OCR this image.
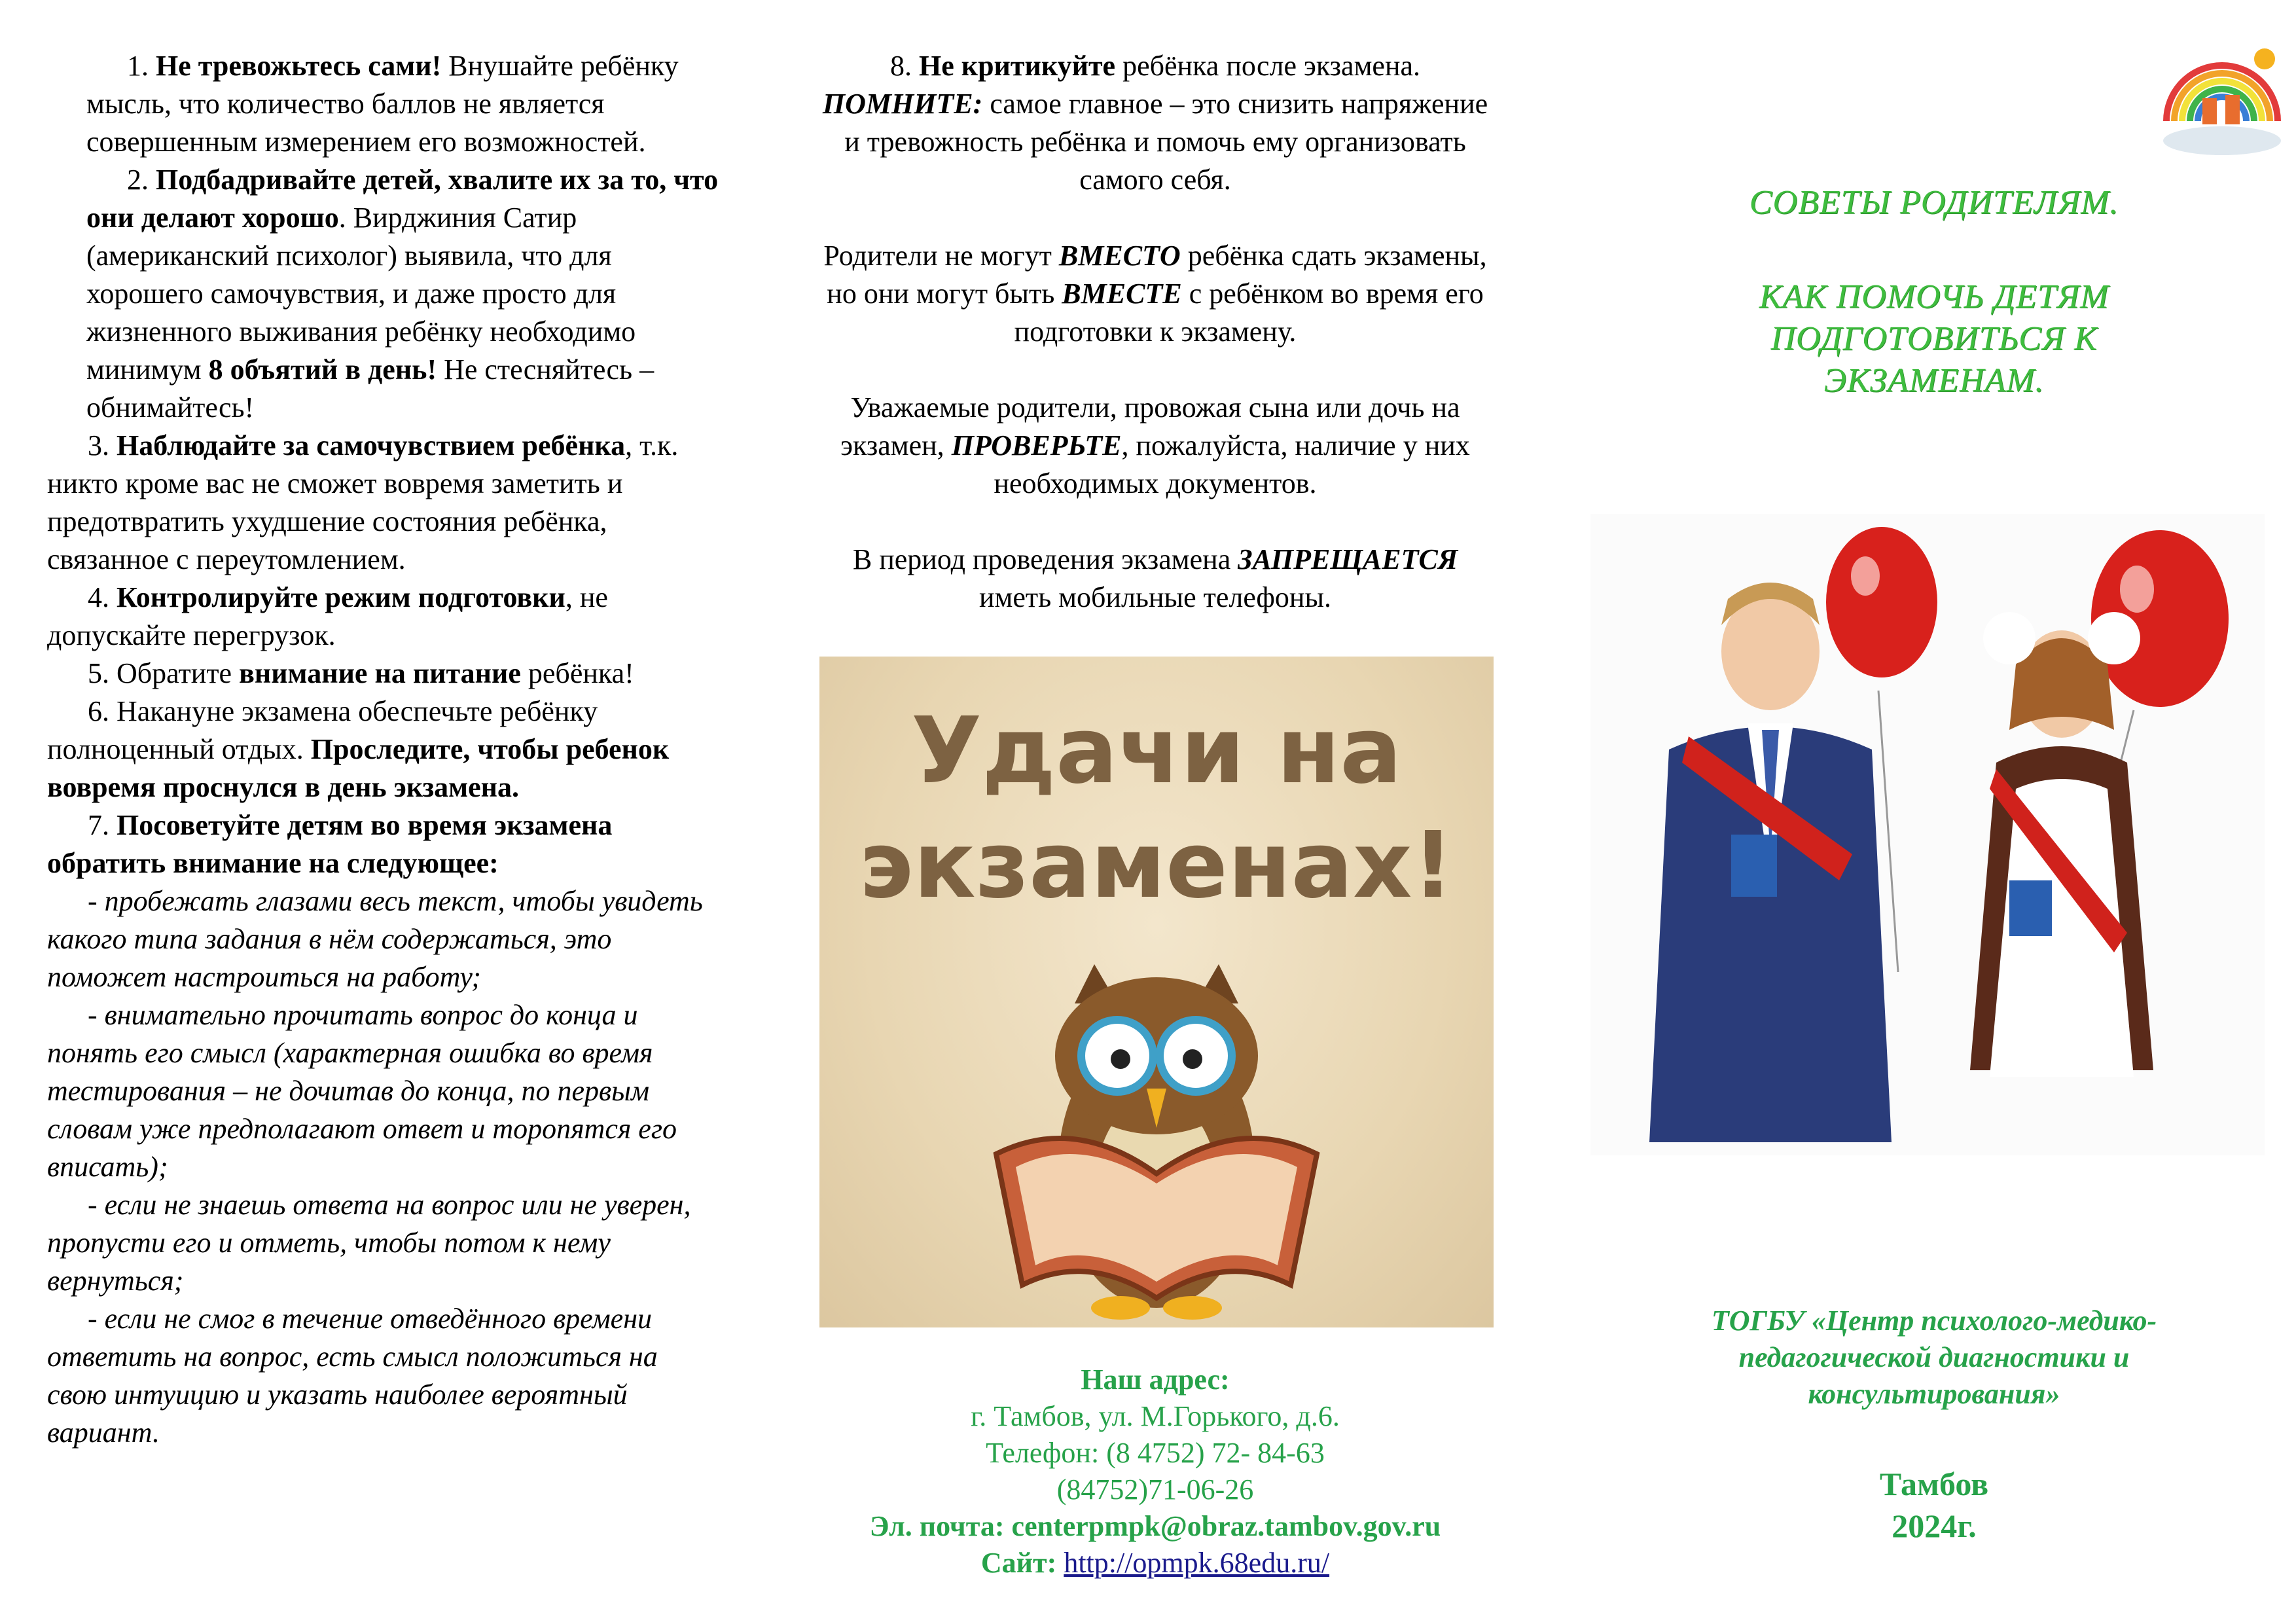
1. Не тревожьтесь сами! Внушайте ребёнку мысль, что количество баллов не является совершенным измерением его возможностей.

2. Подбадривайте детей, хвалите их за то, что они делают хорошо. Вирджиния Сатир (американский психолог) выявила, что для хорошего самочувствия, и даже просто для жизненного выживания ребёнку необходимо минимум 8 объятий в день! Не стесняйтесь – обнимайтесь!

3. Наблюдайте за самочувствием ребёнка, т.к. никто кроме вас не сможет вовремя заметить и предотвратить ухудшение состояния ребёнка, связанное с переутомлением.

4. Контролируйте режим подготовки, не допускайте перегрузок.

5. Обратите внимание на питание ребёнка!

6. Накануне экзамена обеспечьте ребёнку полноценный отдых. Проследите, чтобы ребенок вовремя проснулся в день экзамена.

7. Посоветуйте детям во время экзамена обратить внимание на следующее:

- пробежать глазами весь текст, чтобы увидеть какого типа задания в нём содержаться, это поможет настроиться на работу;

- внимательно прочитать вопрос до конца и понять его смысл (характерная ошибка во время тестирования – не дочитав до конца, по первым словам уже предполагают ответ и торопятся его вписать);

- если не знаешь ответа на вопрос или не уверен, пропусти его и отметь, чтобы потом к нему вернуться;

- если не смог в течение отведённого времени ответить на вопрос, есть смысл положиться на свою интуицию и указать наиболее вероятный вариант.

8. Не критикуйте ребёнка после экзамена.

ПОМНИТЕ: самое главное – это снизить напряжение и тревожность ребёнка и помочь ему организовать самого себя.

Родители не могут ВМЕСТО ребёнка сдать экзамены, но они могут быть ВМЕСТЕ с ребёнком во время его подготовки к экзамену.

Уважаемые родители, провожая сына или дочь на экзамен, ПРОВЕРЬТЕ, пожалуйста, наличие у них необходимых документов.

В период проведения экзамена ЗАПРЕЩАЕТСЯ иметь мобильные телефоны.

Удачи на
экзаменах!
Наш адрес:
г. Тамбов, ул. М.Горького, д.6.
Телефон: (8 4752) 72- 84-63
(84752)71-06-26
Эл. почта: centerpmpk@obraz.tambov.gov.ru
Сайт: http://opmpk.68edu.ru/
СОВЕТЫ РОДИТЕЛЯМ.
КАК ПОМОЧЬ ДЕТЯМ
ПОДГОТОВИТЬСЯ К
ЭКЗАМЕНАМ.
ТОГБУ «Центр психолого-медико-
педагогической диагностики и
консультирования»
Тамбов
2024г.
